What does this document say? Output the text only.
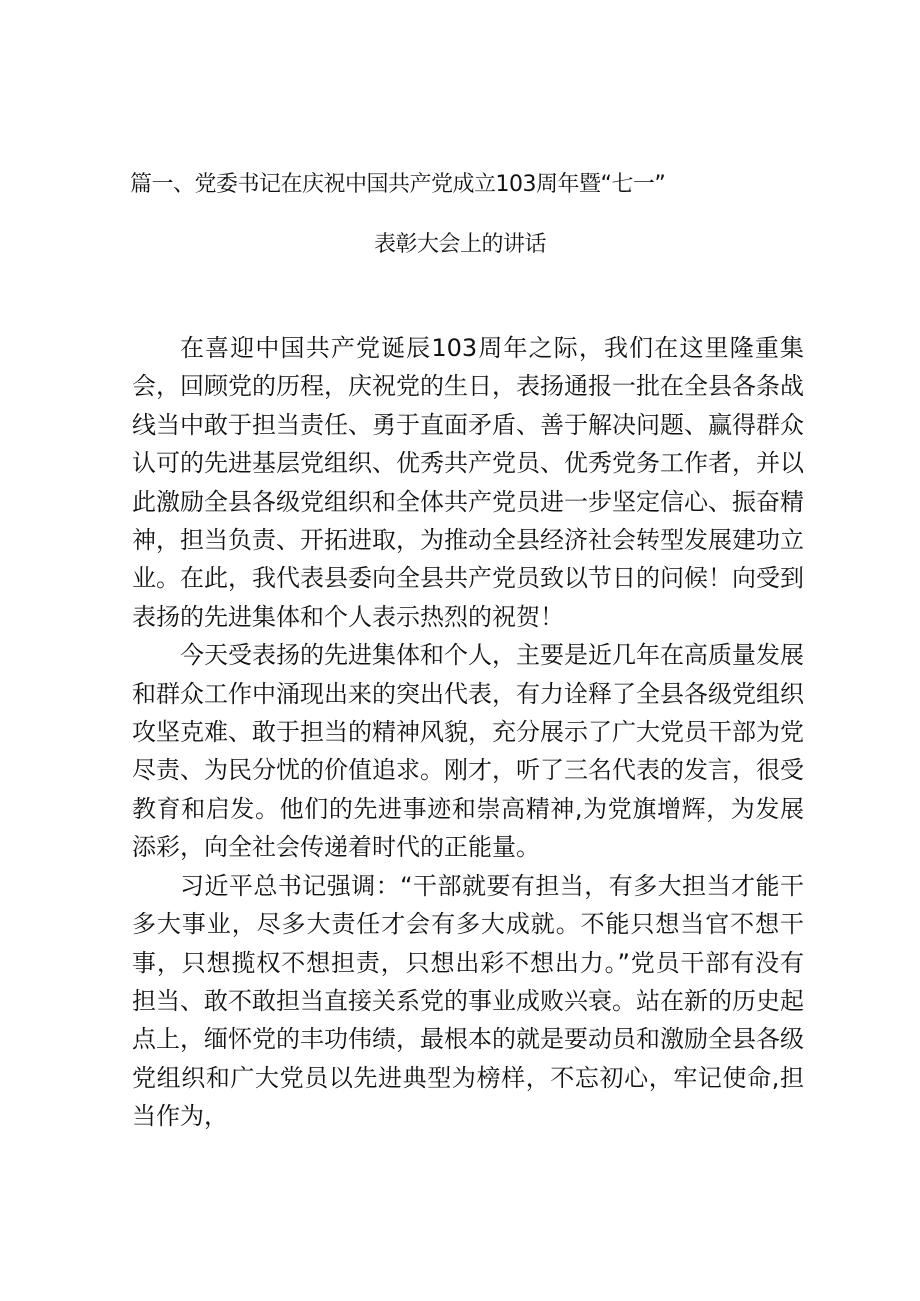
篇一、党委书记在庆祝中国共产党成立103周年暨“七一”
表彰大会上的讲话

在喜迎中国共产党诞辰103周年之际，我们在这里隆重集会，回顾党的历程，庆祝党的生日，表扬通报一批在全县各条战线当中敢于担当责任、勇于直面矛盾、善于解决问题、赢得群众认可的先进基层党组织、优秀共产党员、优秀党务工作者，并以此激励全县各级党组织和全体共产党员进一步坚定信心、振奋精神，担当负责、开拓进取，为推动全县经济社会转型发展建功立业。在此，我代表县委向全县共产党员致以节日的问候！向受到表扬的先进集体和个人表示热烈的祝贺！

今天受表扬的先进集体和个人，主要是近几年在高质量发展和群众工作中涌现出来的突出代表，有力诠释了全县各级党组织攻坚克难、敢于担当的精神风貌，充分展示了广大党员干部为党尽责、为民分忧的价值追求。刚才，听了三名代表的发言，很受教育和启发。他们的先进事迹和崇高精神,为党旗增辉，为发展添彩，向全社会传递着时代的正能量。

习近平总书记强调：“干部就要有担当，有多大担当才能干多大事业，尽多大责任才会有多大成就。不能只想当官不想干事，只想揽权不想担责，只想出彩不想出力。”党员干部有没有担当、敢不敢担当直接关系党的事业成败兴衰。站在新的历史起点上，缅怀党的丰功伟绩，最根本的就是要动员和激励全县各级党组织和广大党员以先进典型为榜样，不忘初心，牢记使命,担当作为，
